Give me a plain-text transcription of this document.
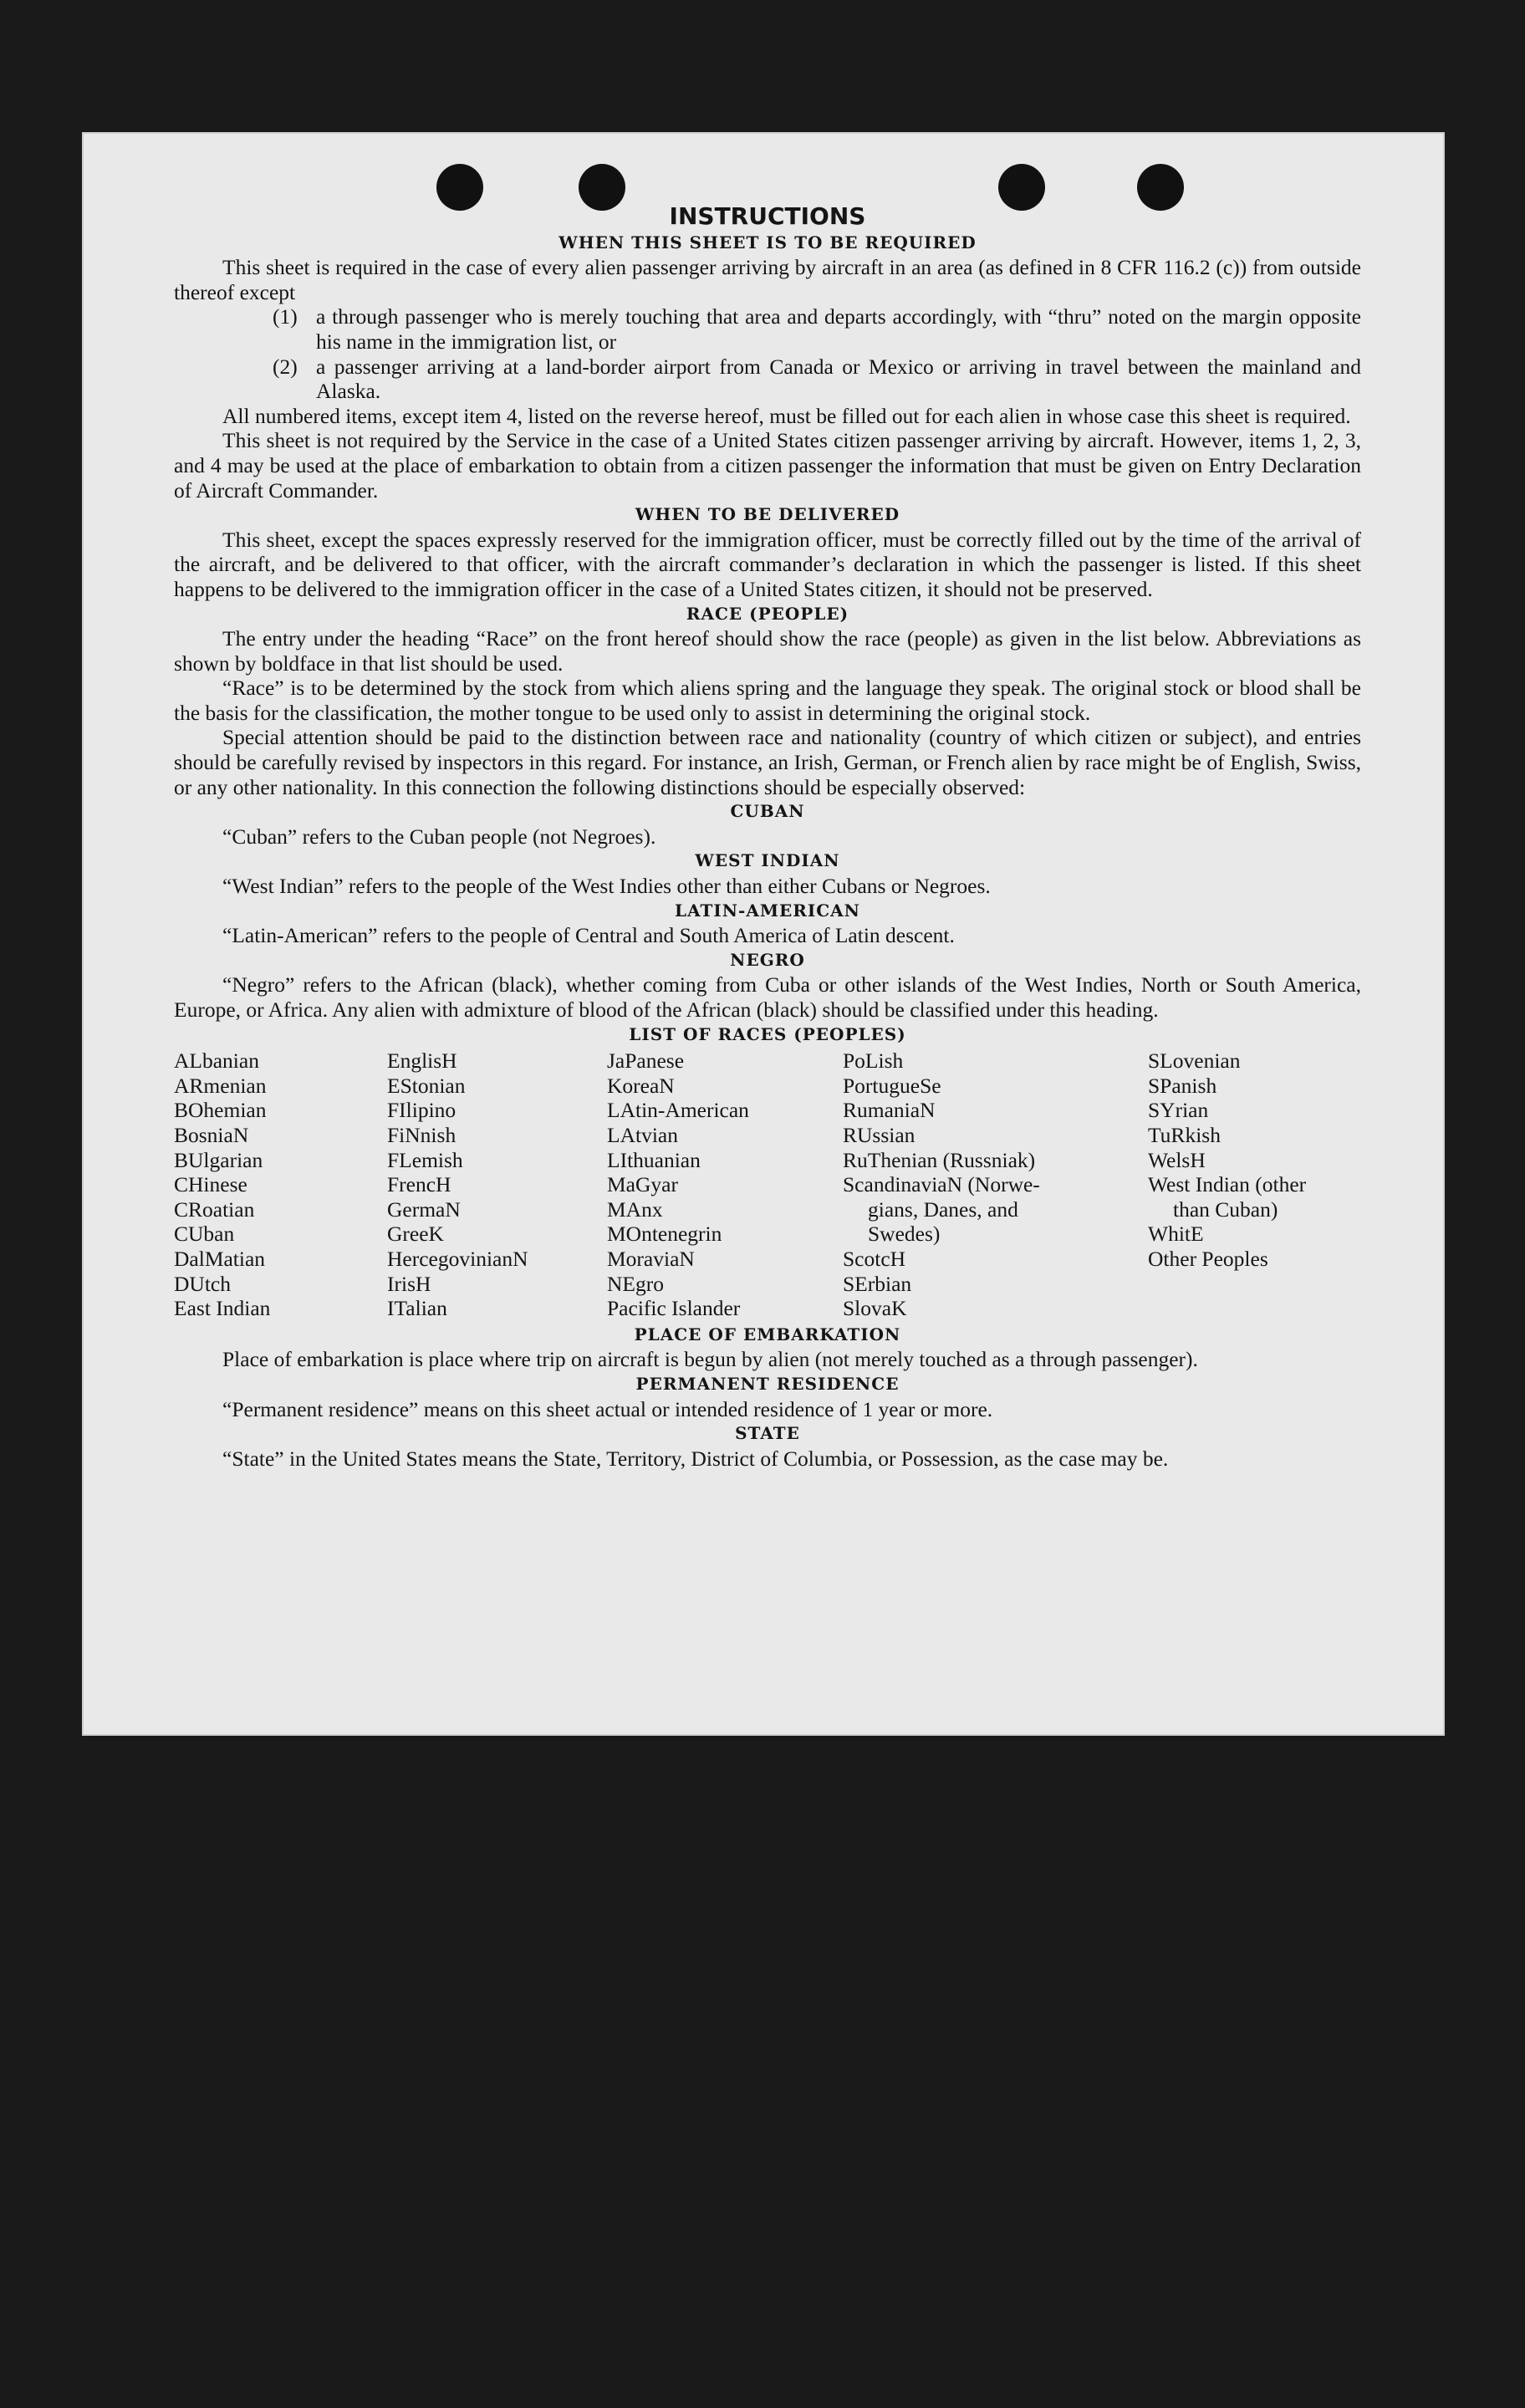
INSTRUCTIONS
WHEN THIS SHEET IS TO BE REQUIRED

This sheet is required in the case of every alien passenger arriving by aircraft in an area (as defined in 8 CFR 116.2 (c)) from outside thereof except

(1) a through passenger who is merely touching that area and departs accordingly, with “thru” noted on the margin opposite his name in the immigration list, or
(2) a passenger arriving at a land-border airport from Canada or Mexico or arriving in travel between the mainland and Alaska.

All numbered items, except item 4, listed on the reverse hereof, must be filled out for each alien in whose case this sheet is required.

This sheet is not required by the Service in the case of a United States citizen passenger arriving by aircraft. However, items 1, 2, 3, and 4 may be used at the place of embarkation to obtain from a citizen passenger the information that must be given on Entry Declaration of Aircraft Commander.

WHEN TO BE DELIVERED

This sheet, except the spaces expressly reserved for the immigration officer, must be correctly filled out by the time of the arrival of the aircraft, and be delivered to that officer, with the aircraft commander’s declaration in which the passenger is listed. If this sheet happens to be delivered to the immigration officer in the case of a United States citizen, it should not be preserved.

RACE (PEOPLE)

The entry under the heading “Race” on the front hereof should show the race (people) as given in the list below. Abbreviations as shown by boldface in that list should be used.

“Race” is to be determined by the stock from which aliens spring and the language they speak. The original stock or blood shall be the basis for the classification, the mother tongue to be used only to assist in determining the original stock.

Special attention should be paid to the distinction between race and nationality (country of which citizen or subject), and entries should be carefully revised by inspectors in this regard. For instance, an Irish, German, or French alien by race might be of English, Swiss, or any other nationality. In this connection the following distinctions should be especially observed:

CUBAN

“Cuban” refers to the Cuban people (not Negroes).

WEST INDIAN

“West Indian” refers to the people of the West Indies other than either Cubans or Negroes.

LATIN-AMERICAN

“Latin-American” refers to the people of Central and South America of Latin descent.

NEGRO

“Negro” refers to the African (black), whether coming from Cuba or other islands of the West Indies, North or South America, Europe, or Africa. Any alien with admixture of blood of the African (black) should be classified under this heading.

LIST OF RACES (PEOPLES)
ALbanian	EnglisH	JaPanese	PoLish	SLovenian
ARmenian	EStonian	KoreaN	PortugueSe	SPanish
BOhemian	FIlipino	LAtin-American	RumaniaN	SYrian
BosniaN	FiNnish	LAtvian	RUssian	TuRkish
BUlgarian	FLemish	LIthuanian	RuThenian (Russniak)	WelsH
CHinese	FrencH	MaGyar	ScandinaviaN (Norwe-	West Indian (other
CRoatian	GermaN	MAnx	gians, Danes, and	than Cuban)
CUban	GreeK	MOntenegrin	Swedes)	WhitE
DalMatian	HercegovinianN	MoraviaN	ScotcH	Other Peoples
DUtch	IrisH	NEgro	SErbian
East Indian	ITalian	Pacific Islander	SlovaK
PLACE OF EMBARKATION

Place of embarkation is place where trip on aircraft is begun by alien (not merely touched as a through passenger).

PERMANENT RESIDENCE

“Permanent residence” means on this sheet actual or intended residence of 1 year or more.

STATE

“State” in the United States means the State, Territory, District of Columbia, or Possession, as the case may be.
